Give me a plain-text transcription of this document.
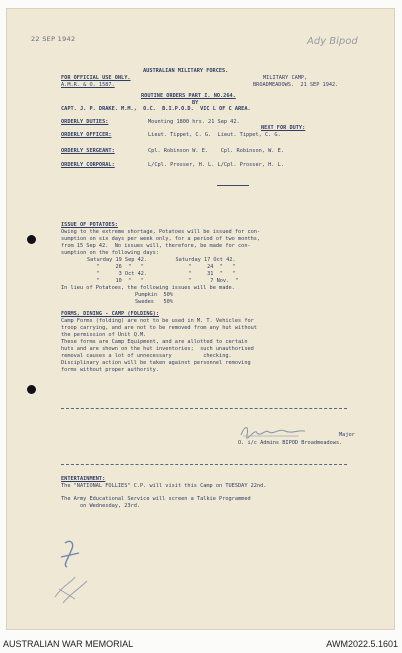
22 SEP 1942	Ady Bipod
AUSTRALIAN MILITARY FORCES.
FOR OFFICIAL USE ONLY.	MILITARY CAMP,
A.M.R. & O. 1587.	BROADMEADOWS.  21 SEP 1942.
ROUTINE ORDERS PART I. NO.264.
BY
CAPT. J. P. DRAKE. M.M.,  O.C.  B.I.P.O.D.  VIC L OF C AREA.
ORDERLY DUTIES:	Mounting 1800 hrs. 21 Sep 42.
NEXT FOR DUTY:
ORDERLY OFFICER:	Lieut. Tippet, C. G.  Lieut. Tippet, C. G.
ORDERLY SERGEANT:	Cpl. Robinson W. E.    Cpl. Robinson, W. E.
ORDERLY CORPORAL:	L/Cpl. Prosser, H. L. L/Cpl. Prosser, H. L.
ISSUE OF POTATOES:
Owing to the extreme shortage, Potatoes will be issued for con-
sumption on six days per week only, for a period of two months,
from 15 Sep 42.  No issues will, therefore, be made for con-
sumption on the following days:
Saturday 19 Sep 42.         Saturday 17 Oct 42.
"     26  "   "              "     24  "   "
"      3 Oct 42.             "     31  "   "
"     10  "   "              "      7 Nov.  "
In lieu of Potatoes, the following issues will be made.
Pumpkin  50%
Swedes   50%
FORMS, DINING - CAMP (FOLDING):
Camp Forms (folding) are not to be used in M. T. Vehicles for
troop carrying, and are not to be removed from any hut without
the permission of Unit Q.M.
These forms are Camp Equipment, and are allotted to certain
huts and are shown on the hut inventories;  such unauthorised
removal causes a lot of unnecessary          checking.
Disciplinary action will be taken against personnel removing
forms without proper authority.
Major
O. i/c Admins BIPOD Broadmeadows.
ENTERTAINMENT:
The "NATIONAL FOLLIES" C.P. will visit this Camp on TUESDAY 22nd.
The Army Educational Service will screen a Talkie Programmed
on Wednesday, 23rd.
AUSTRALIAN WAR MEMORIAL	AWM2022.5.1601
